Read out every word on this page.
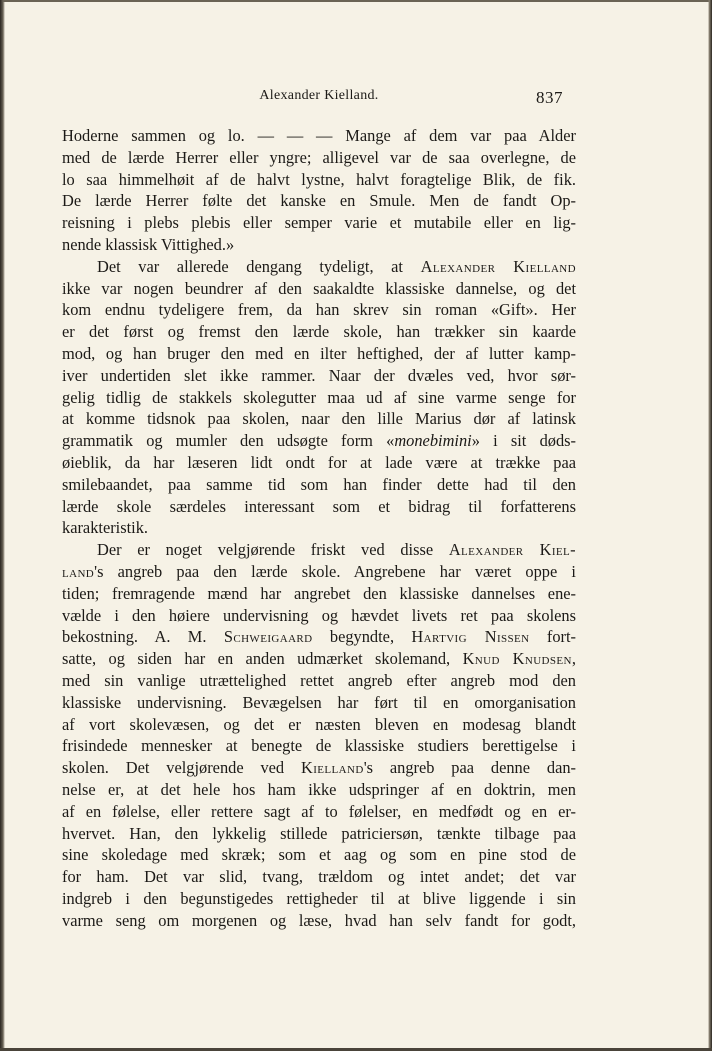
Alexander Kielland.	837
Hoderne sammen og lo. — — — Mange af dem var paa Alder
med de lærde Herrer eller yngre; alligevel var de saa overlegne, de
lo saa himmelhøit af de halvt lystne, halvt foragtelige Blik, de fik.
De lærde Herrer følte det kanske en Smule. Men de fandt Op-
reisning i plebs plebis eller semper varie et mutabile eller en lig-
nende klassisk Vittighed.»
Det var allerede dengang tydeligt, at Alexander Kielland
ikke var nogen beundrer af den saakaldte klassiske dannelse, og det
kom endnu tydeligere frem, da han skrev sin roman «Gift». Her
er det først og fremst den lærde skole, han trækker sin kaarde
mod, og han bruger den med en ilter heftighed, der af lutter kamp-
iver undertiden slet ikke rammer. Naar der dvæles ved, hvor sør-
gelig tidlig de stakkels skolegutter maa ud af sine varme senge for
at komme tidsnok paa skolen, naar den lille Marius dør af latinsk
grammatik og mumler den udsøgte form «monebimini» i sit døds-
øieblik, da har læseren lidt ondt for at lade være at trække paa
smilebaandet, paa samme tid som han finder dette had til den
lærde skole særdeles interessant som et bidrag til forfatterens
karakteristik.
Der er noget velgjørende friskt ved disse Alexander Kiel-
land's angreb paa den lærde skole. Angrebene har været oppe i
tiden; fremragende mænd har angrebet den klassiske dannelses ene-
vælde i den høiere undervisning og hævdet livets ret paa skolens
bekostning. A. M. Schweigaard begyndte, Hartvig Nissen fort-
satte, og siden har en anden udmærket skolemand, Knud Knudsen,
med sin vanlige utrættelighed rettet angreb efter angreb mod den
klassiske undervisning. Bevægelsen har ført til en omorganisation
af vort skolevæsen, og det er næsten bleven en modesag blandt
frisindede mennesker at benegte de klassiske studiers berettigelse i
skolen. Det velgjørende ved Kielland's angreb paa denne dan-
nelse er, at det hele hos ham ikke udspringer af en doktrin, men
af en følelse, eller rettere sagt af to følelser, en medfødt og en er-
hvervet. Han, den lykkelig stillede patriciersøn, tænkte tilbage paa
sine skoledage med skræk; som et aag og som en pine stod de
for ham. Det var slid, tvang, trældom og intet andet; det var
indgreb i den begunstigedes rettigheder til at blive liggende i sin
varme seng om morgenen og læse, hvad han selv fandt for godt,
